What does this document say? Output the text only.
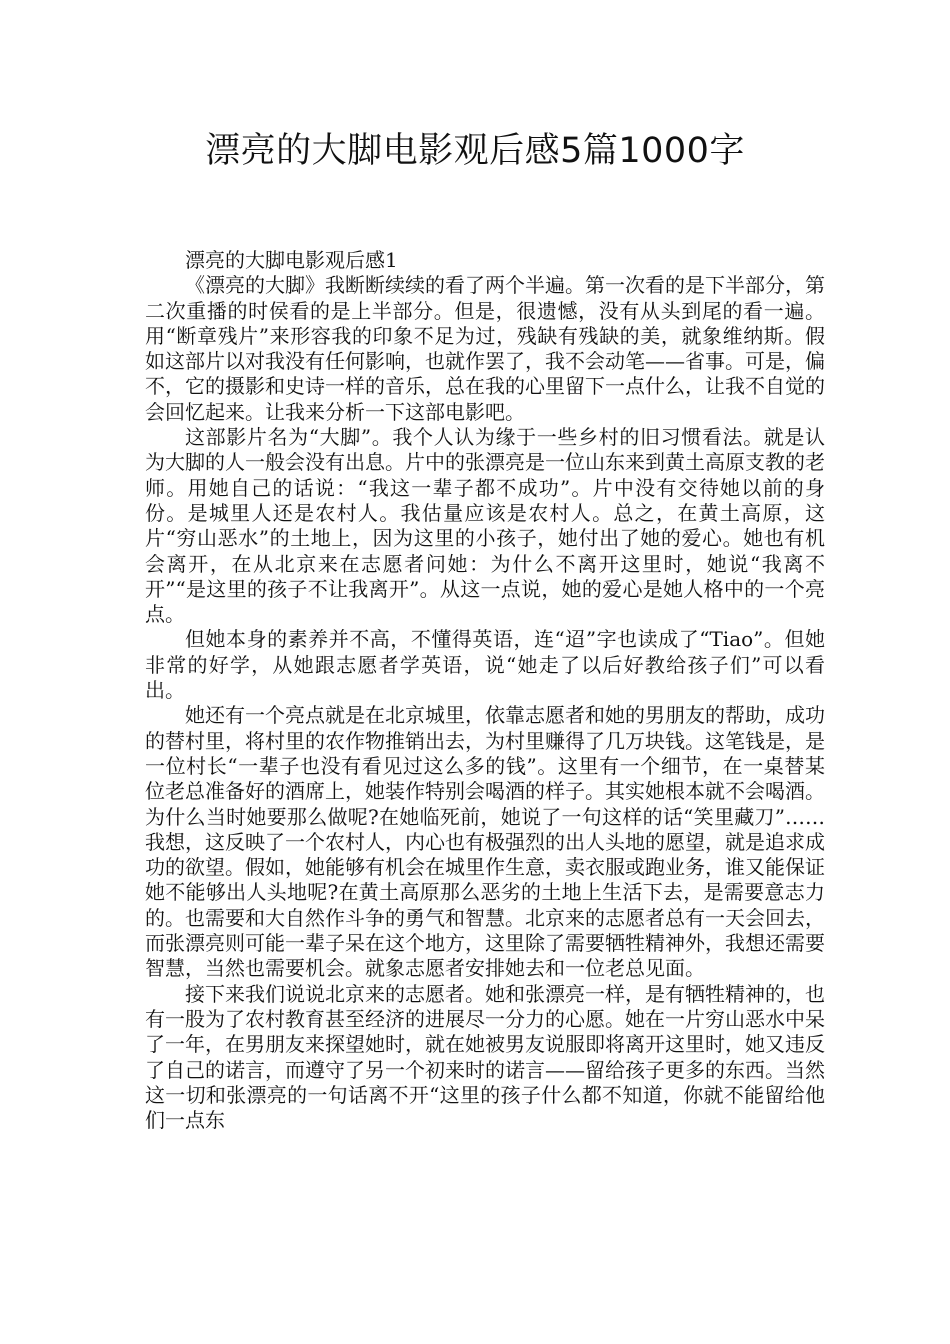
漂亮的大脚电影观后感5篇1000字

漂亮的大脚电影观后感1

《漂亮的大脚》我断断续续的看了两个半遍。第一次看的是下半部分，第二次重播的时侯看的是上半部分。但是，很遗憾，没有从头到尾的看一遍。用“断章残片”来形容我的印象不足为过，残缺有残缺的美，就象维纳斯。假如这部片以对我没有任何影响，也就作罢了，我不会动笔——省事。可是，偏不，它的摄影和史诗一样的音乐，总在我的心里留下一点什么，让我不自觉的会回忆起来。让我来分析一下这部电影吧。

这部影片名为“大脚”。我个人认为缘于一些乡村的旧习惯看法。就是认为大脚的人一般会没有出息。片中的张漂亮是一位山东来到黄土高原支教的老师。用她自己的话说：“我这一辈子都不成功”。片中没有交待她以前的身份。是城里人还是农村人。我估量应该是农村人。总之，在黄土高原，这片“穷山恶水”的土地上，因为这里的小孩子，她付出了她的爱心。她也有机会离开，在从北京来在志愿者问她：为什么不离开这里时，她说“我离不开”“是这里的孩子不让我离开”。从这一点说，她的爱心是她人格中的一个亮点。

但她本身的素养并不高，不懂得英语，连“迢”字也读成了“Tiao”。但她非常的好学，从她跟志愿者学英语，说“她走了以后好教给孩子们”可以看出。

她还有一个亮点就是在北京城里，依靠志愿者和她的男朋友的帮助，成功的替村里，将村里的农作物推销出去，为村里赚得了几万块钱。这笔钱是，是一位村长“一辈子也没有看见过这么多的钱”。这里有一个细节，在一桌替某位老总准备好的酒席上，她装作特别会喝酒的样子。其实她根本就不会喝酒。为什么当时她要那么做呢?在她临死前，她说了一句这样的话“笑里藏刀”……我想，这反映了一个农村人，内心也有极强烈的出人头地的愿望，就是追求成功的欲望。假如，她能够有机会在城里作生意，卖衣服或跑业务，谁又能保证她不能够出人头地呢?在黄土高原那么恶劣的土地上生活下去，是需要意志力的。也需要和大自然作斗争的勇气和智慧。北京来的志愿者总有一天会回去，而张漂亮则可能一辈子呆在这个地方，这里除了需要牺牲精神外，我想还需要智慧，当然也需要机会。就象志愿者安排她去和一位老总见面。

接下来我们说说北京来的志愿者。她和张漂亮一样，是有牺牲精神的，也有一股为了农村教育甚至经济的进展尽一分力的心愿。她在一片穷山恶水中呆了一年，在男朋友来探望她时，就在她被男友说服即将离开这里时，她又违反了自己的诺言，而遵守了另一个初来时的诺言——留给孩子更多的东西。当然这一切和张漂亮的一句话离不开“这里的孩子什么都不知道，你就不能留给他们一点东
